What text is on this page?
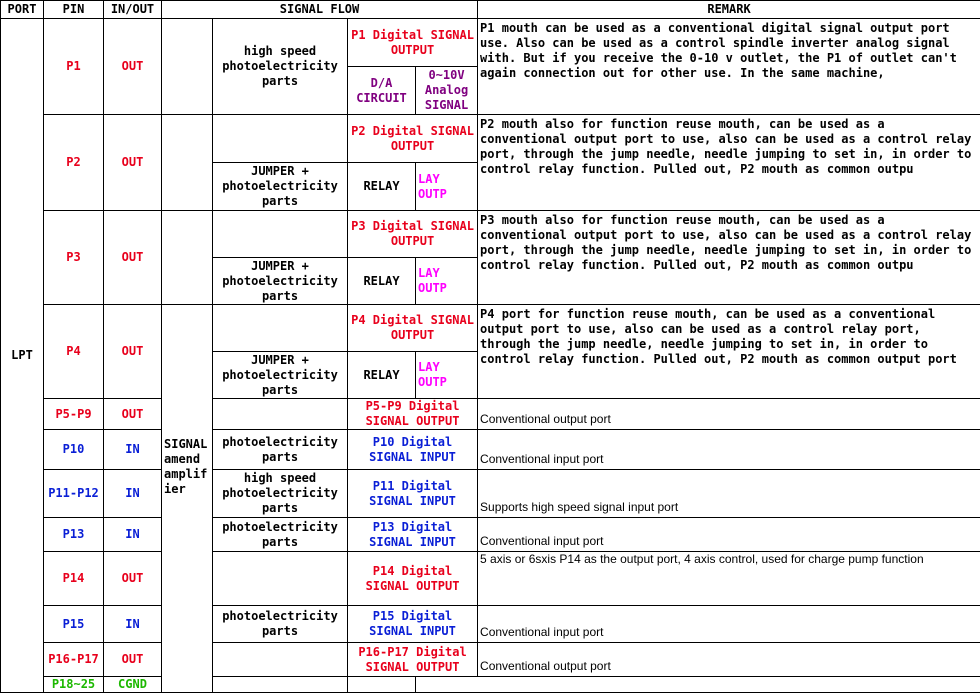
PORT	PIN	IN/OUT	SIGNAL FLOW				REMARK	
LPT	P1	OUT		high speed photoelectricity parts	P1 Digital SIGNAL OUTPUT		P1 mouth can be used as a conventional digital signal output port use. Also can be used as a control spindle inverter analog signal with. But if you receive the 0-10 v outlet, the P1 of outlet can't again connection out for other use. In the same machine,	
					D/A CIRCUIT	0~10V Analog SIGNAL		
	P2	OUT			P2 Digital SIGNAL OUTPUT		P2 mouth also for function reuse mouth, can be used as a conventional output port to use, also can be used as a control relay port, through the jump needle, needle jumping to set in, in order to control relay function. Pulled out, P2 mouth as common outpu	
				JUMPER + photoelectricity parts	RELAY	LAY OUTP		
	P3	OUT			P3 Digital SIGNAL OUTPUT		P3 mouth also for function reuse mouth, can be used as a conventional output port to use, also can be used as a control relay port, through the jump needle, needle jumping to set in, in order to control relay function. Pulled out, P2 mouth as common outpu	
				JUMPER + photoelectricity parts	RELAY	LAY OUTP		
	P4	OUT	SIGNAL amend amplif ier		P4 Digital SIGNAL OUTPUT		P4 port for function reuse mouth, can be used as a conventional output port to use, also can be used as a control relay port, through the jump needle, needle jumping to set in, in order to control relay function. Pulled out, P2 mouth as common output port	
				JUMPER + photoelectricity parts	RELAY	LAY OUTP		
	P5-P9	OUT			P5-P9 Digital SIGNAL OUTPUT		Conventional output port	
	P10	IN		photoelectricity parts	P10 Digital SIGNAL INPUT		Conventional input port	
	P11-P12	IN		high speed photoelectricity parts	P11 Digital SIGNAL INPUT		Supports high speed signal input port	
	P13	IN		photoelectricity parts	P13 Digital SIGNAL INPUT		Conventional input port	
	P14	OUT			P14 Digital SIGNAL OUTPUT		5 axis or 6sxis P14 as the output port, 4 axis control, used for charge pump function	
	P15	IN		photoelectricity parts	P15 Digital SIGNAL INPUT		Conventional input port	
	P16-P17	OUT			P16-P17 Digital SIGNAL OUTPUT		Conventional output port	
	P18~25	CGND						
